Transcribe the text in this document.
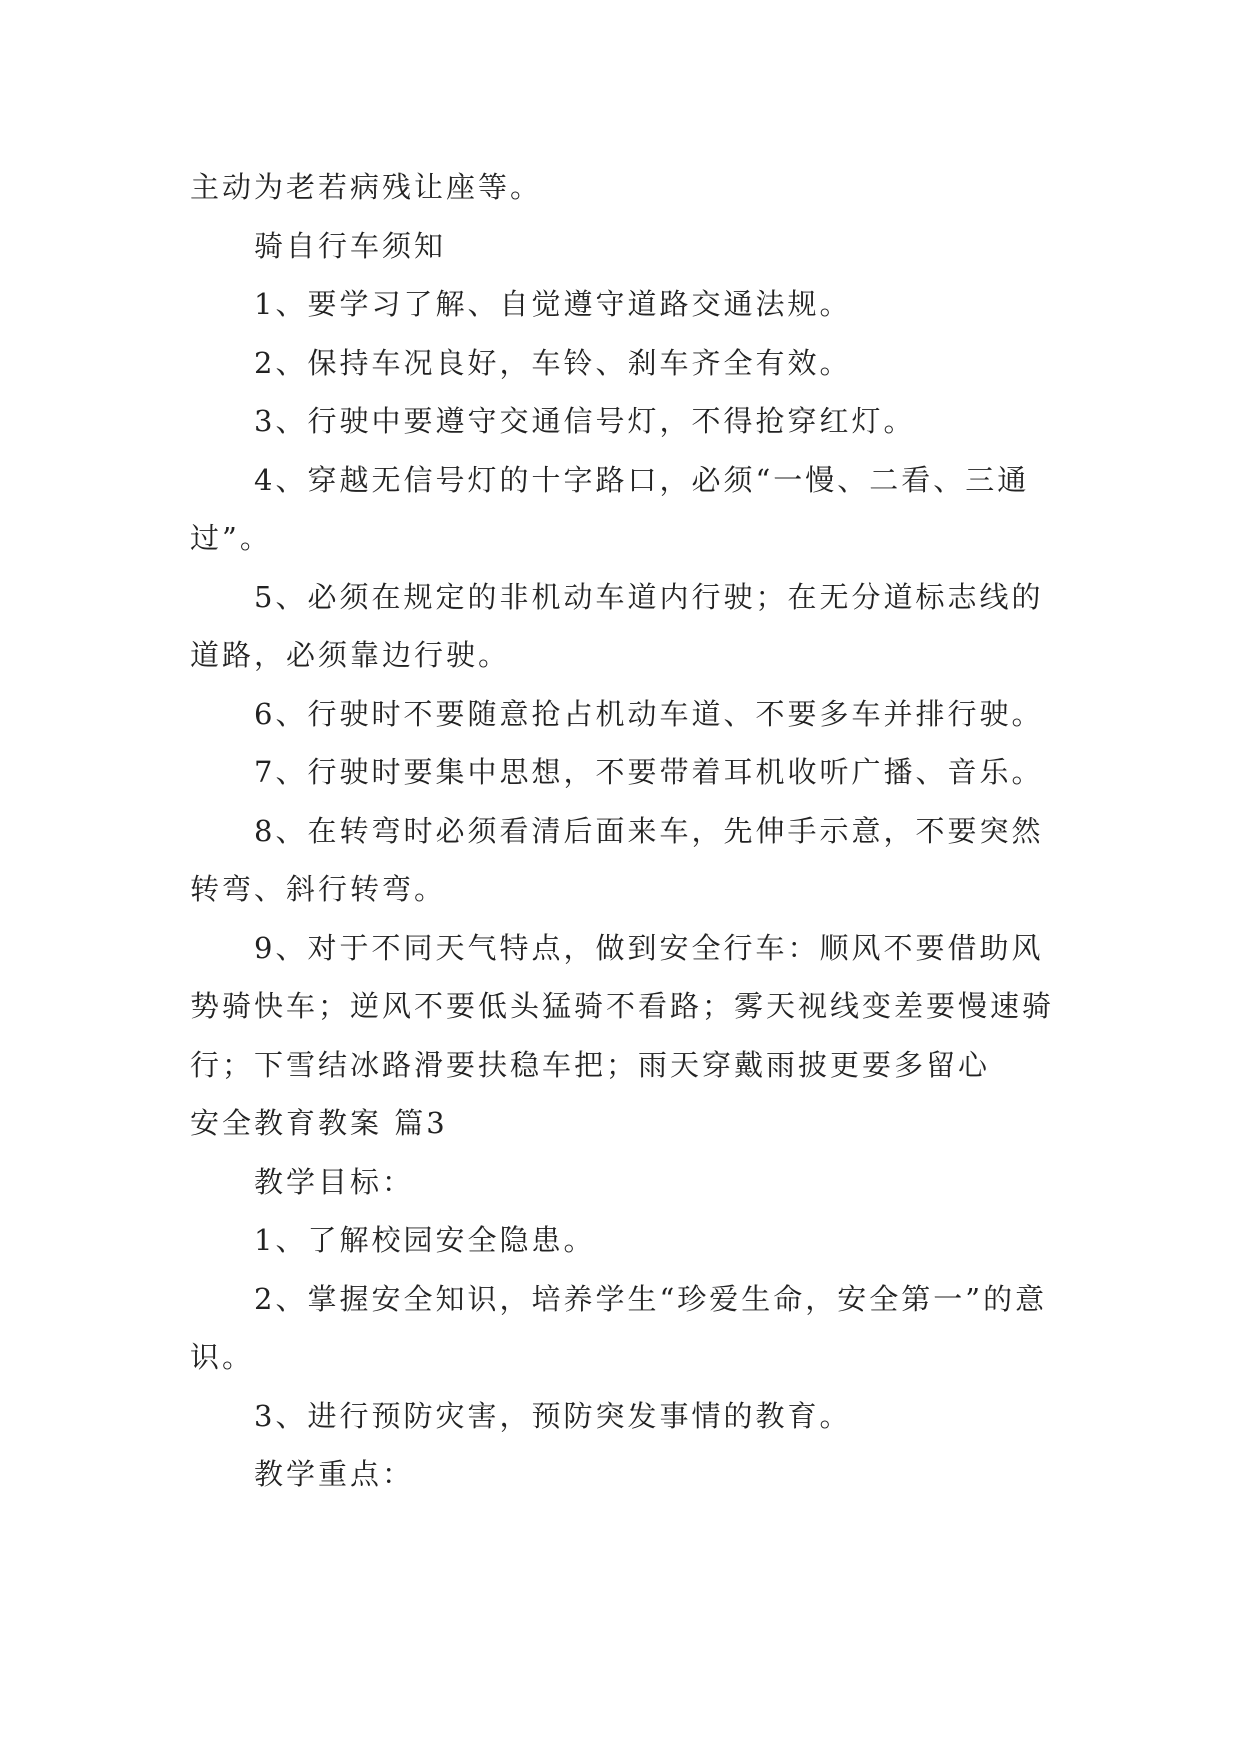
主动为老若病残让座等。

骑自行车须知

1、要学习了解、自觉遵守道路交通法规。

2、保持车况良好，车铃、刹车齐全有效。

3、行驶中要遵守交通信号灯，不得抢穿红灯。

4、穿越无信号灯的十字路口，必须“一慢、二看、三通过”。

5、必须在规定的非机动车道内行驶；在无分道标志线的道路，必须靠边行驶。

6、行驶时不要随意抢占机动车道、不要多车并排行驶。

7、行驶时要集中思想，不要带着耳机收听广播、音乐。

8、在转弯时必须看清后面来车，先伸手示意，不要突然转弯、斜行转弯。

9、对于不同天气特点，做到安全行车：顺风不要借助风势骑快车；逆风不要低头猛骑不看路；雾天视线变差要慢速骑行；下雪结冰路滑要扶稳车把；雨天穿戴雨披更要多留心

安全教育教案 篇3

教学目标：

1、了解校园安全隐患。

2、掌握安全知识，培养学生“珍爱生命，安全第一”的意识。

3、进行预防灾害，预防突发事情的教育。

教学重点：
